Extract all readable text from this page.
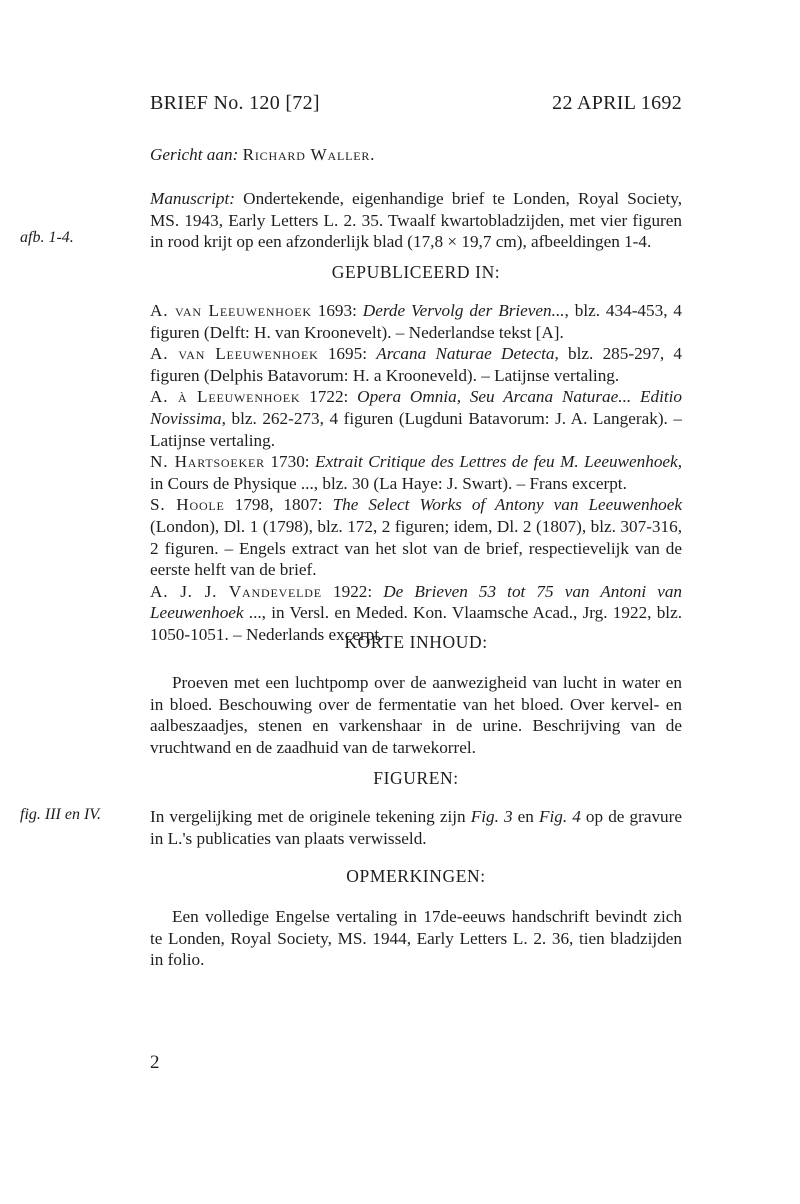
BRIEF No. 120 [72]	22 APRIL 1692

Gericht aan: Richard Waller.

Manuscript: Ondertekende, eigenhandige brief te Londen, Royal Society, MS. 1943, Early Letters L. 2. 35. Twaalf kwartobladzijden, met vier figuren in rood krijt op een afzonderlijk blad (17,8 × 19,7 cm), afbeeldingen 1-4.

afb. 1-4.
GEPUBLICEERD IN:

A. van Leeuwenhoek 1693: Derde Vervolg der Brieven..., blz. 434-453, 4 figuren (Delft: H. van Kroonevelt). – Nederlandse tekst [A].

A. van Leeuwenhoek 1695: Arcana Naturae Detecta, blz. 285-297, 4 figuren (Delphis Batavorum: H. a Krooneveld). – Latijnse vertaling.

A. à Leeuwenhoek 1722: Opera Omnia, Seu Arcana Naturae... Editio Novissima, blz. 262-273, 4 figuren (Lugduni Batavorum: J. A. Langerak). – Latijnse vertaling.

N. Hartsoeker 1730: Extrait Critique des Lettres de feu M. Leeuwenhoek, in Cours de Physique ..., blz. 30 (La Haye: J. Swart). – Frans excerpt.

S. Hoole 1798, 1807: The Select Works of Antony van Leeuwenhoek (London), Dl. 1 (1798), blz. 172, 2 figuren; idem, Dl. 2 (1807), blz. 307-316, 2 figuren. – Engels extract van het slot van de brief, respectievelijk van de eerste helft van de brief.

A. J. J. Vandevelde 1922: De Brieven 53 tot 75 van Antoni van Leeuwenhoek ..., in Versl. en Meded. Kon. Vlaamsche Acad., Jrg. 1922, blz. 1050-1051. – Nederlands excerpt.

KORTE INHOUD:

Proeven met een luchtpomp over de aanwezigheid van lucht in water en in bloed. Beschouwing over de fermentatie van het bloed. Over kervel- en aalbeszaadjes, stenen en varkenshaar in de urine. Beschrijving van de vruchtwand en de zaadhuid van de tarwekorrel.

FIGUREN:

In vergelijking met de originele tekening zijn Fig. 3 en Fig. 4 op de gravure in L.'s publicaties van plaats verwisseld.

fig. III en IV.
OPMERKINGEN:

Een volledige Engelse vertaling in 17de-eeuws handschrift bevindt zich te Londen, Royal Society, MS. 1944, Early Letters L. 2. 36, tien bladzijden in folio.

2
